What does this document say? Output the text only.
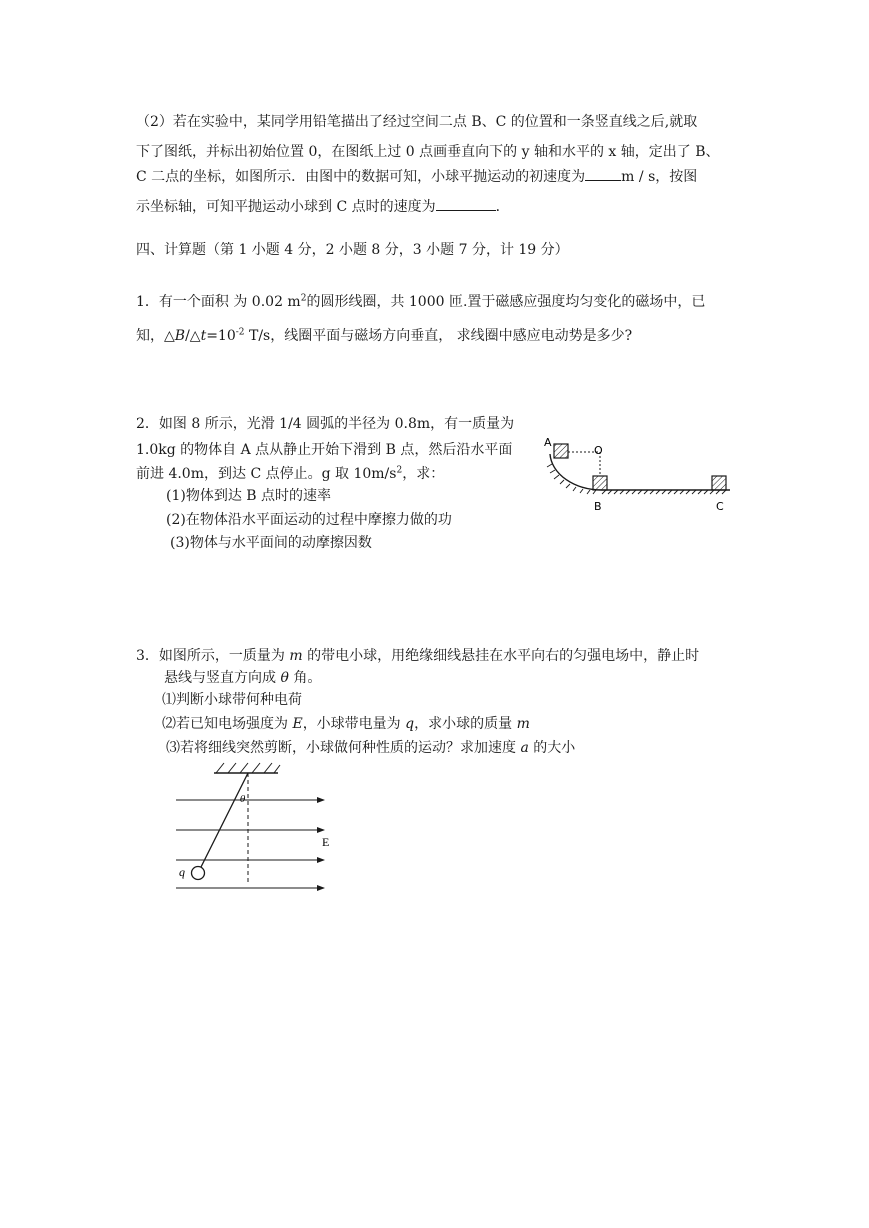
（2）若在实验中，某同学用铅笔描出了经过空间二点 B、C 的位置和一条竖直线之后,就取
下了图纸，并标出初始位置 0，在图纸上过 0 点画垂直向下的 y 轴和水平的 x 轴，定出了 B、
C 二点的坐标，如图所示．由图中的数据可知，小球平抛运动的初速度为	m / s，按图
示坐标轴，可知平抛运动小球到 C 点时的速度为	．
四、计算题（第 1 小题 4 分，2 小题 8 分，3 小题 7 分，计 19 分）
1．有一个面积 为 0.02 $m^2$的圆形线圈，共 1000 匝.置于磁感应强度均匀变化的磁场中，已
知，$\triangle B/\triangle t=10^{-2}$ T/s，线圈平面与磁场方向垂直， 求线圈中感应电动势是多少?
2．如图 8 所示，光滑 1/4 圆弧的半径为 0.8m，有一质量为
1.0kg 的物体自 A 点从静止开始下滑到 B 点，然后沿水平面
前进 4.0m，到达 C 点停止。g 取 $10m/s^2$，求：
(1)物体到达 B 点时的速率
(2)在物体沿水平面运动的过程中摩擦力做的功
(3)物体与水平面间的动摩擦因数
A
O
B	C
3．如图所示，一质量为 m 的带电小球，用绝缘细线悬挂在水平向右的匀强电场中，静止时
悬线与竖直方向成 θ 角。
⑴判断小球带何种电荷
⑵若已知电场强度为 E，小球带电量为 q，求小球的质量 m
⑶若将细线突然剪断，小球做何种性质的运动？求加速度 a 的大小
θ
E
q
